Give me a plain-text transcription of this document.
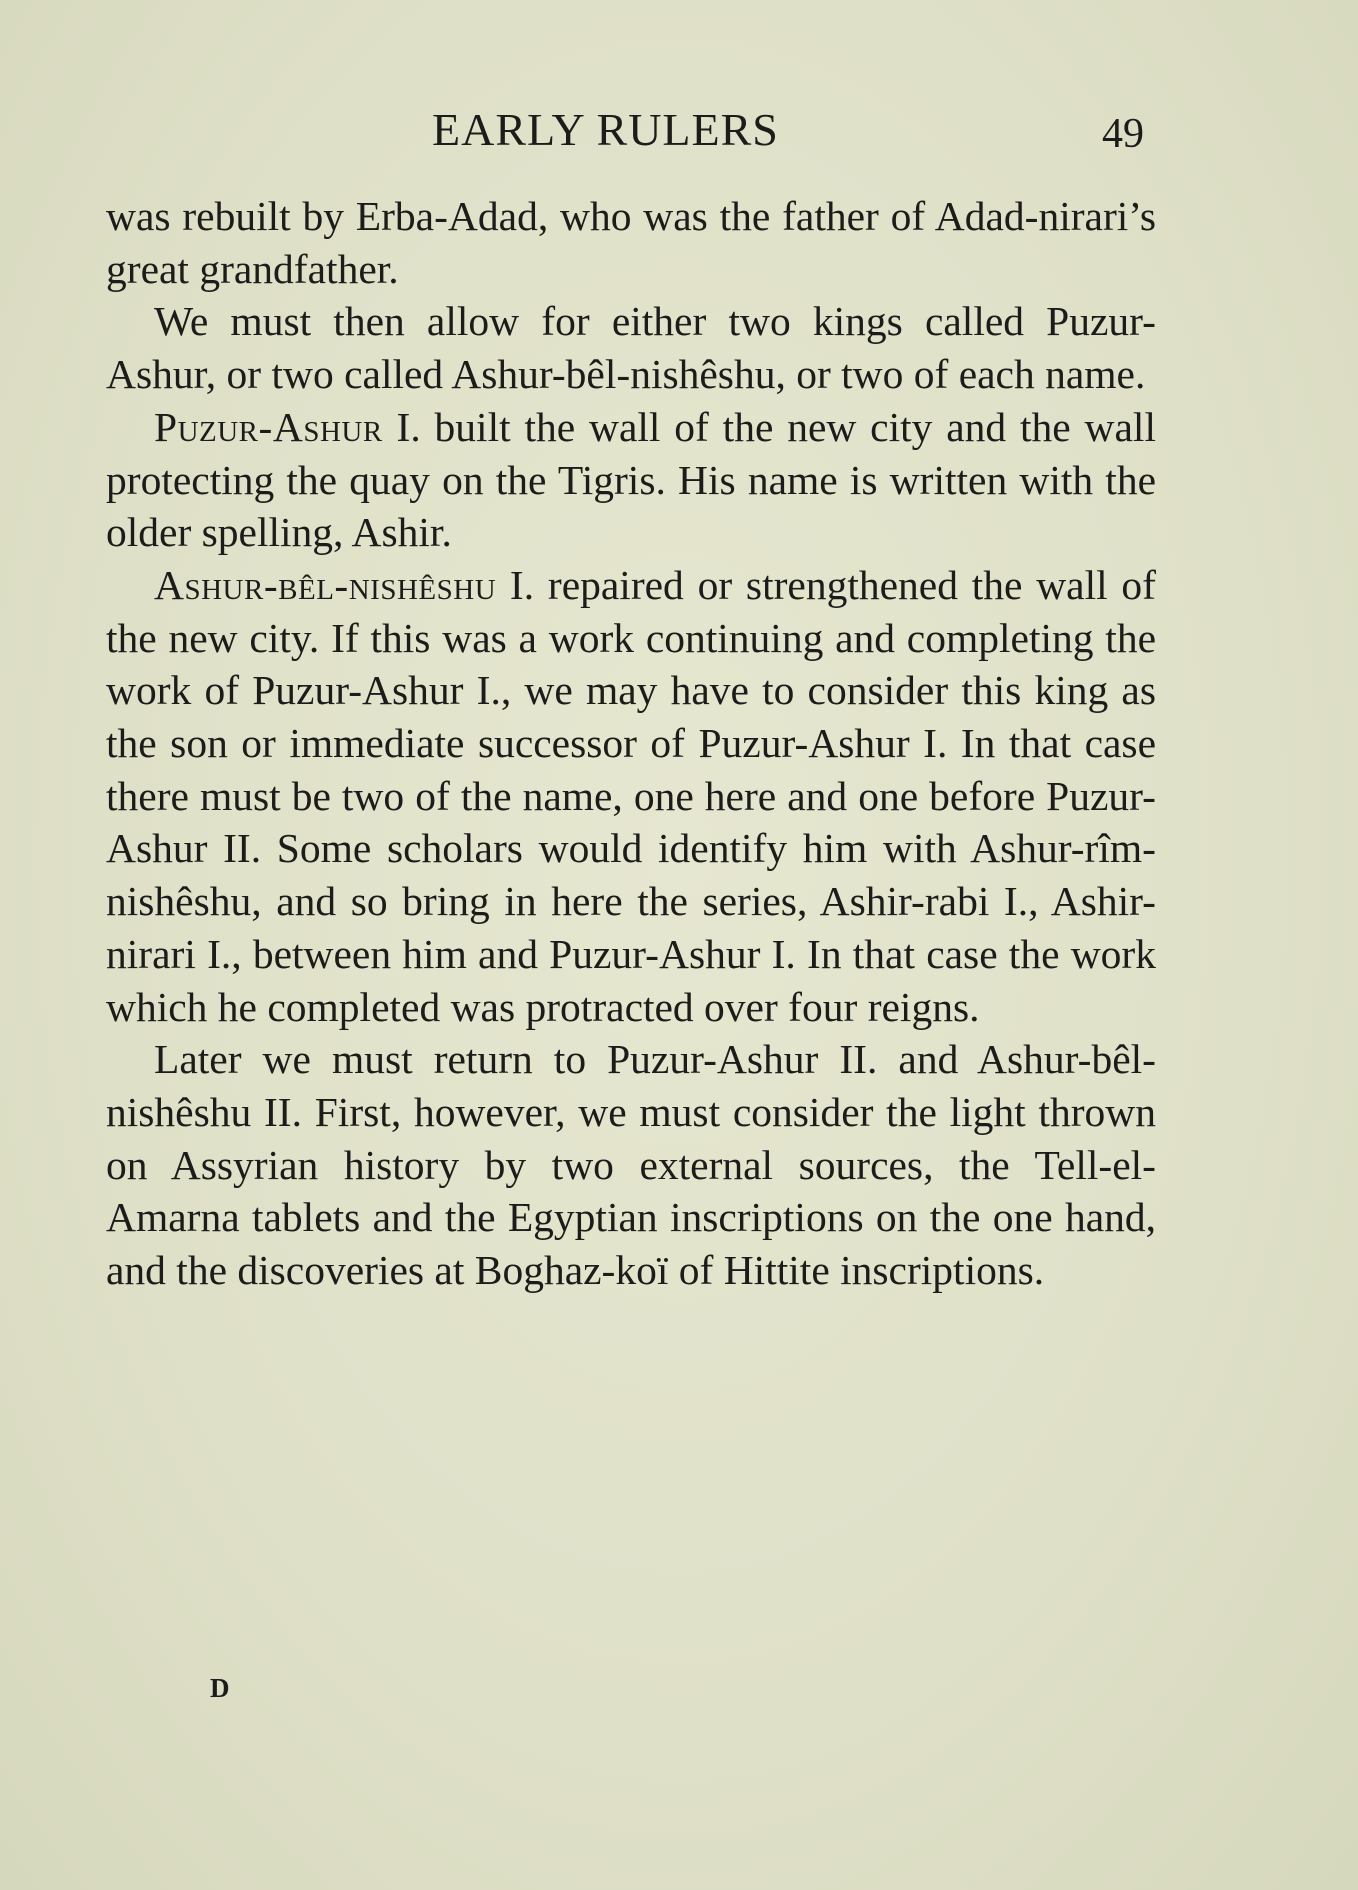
EARLY RULERS	49

was rebuilt by Erba-Adad, who was the father of Adad-nirari’s great grandfather.

We must then allow for either two kings called Puzur-Ashur, or two called Ashur-bêl-nishêshu, or two of each name.

Puzur-Ashur I. built the wall of the new city and the wall protecting the quay on the Tigris. His name is written with the older spelling, Ashir.

Ashur-bêl-nishêshu I. repaired or strengthened the wall of the new city. If this was a work continuing and completing the work of Puzur-Ashur I., we may have to consider this king as the son or immediate successor of Puzur-Ashur I. In that case there must be two of the name, one here and one before Puzur-Ashur II. Some scholars would identify him with Ashur-rîm-nishêshu, and so bring in here the series, Ashir-rabi I., Ashir-nirari I., between him and Puzur-Ashur I. In that case the work which he completed was protracted over four reigns.

Later we must return to Puzur-Ashur II. and Ashur-bêl-nishêshu II. First, however, we must consider the light thrown on Assyrian history by two external sources, the Tell-el-Amarna tablets and the Egyptian inscriptions on the one hand, and the discoveries at Boghaz-koï of Hittite inscriptions.

D
